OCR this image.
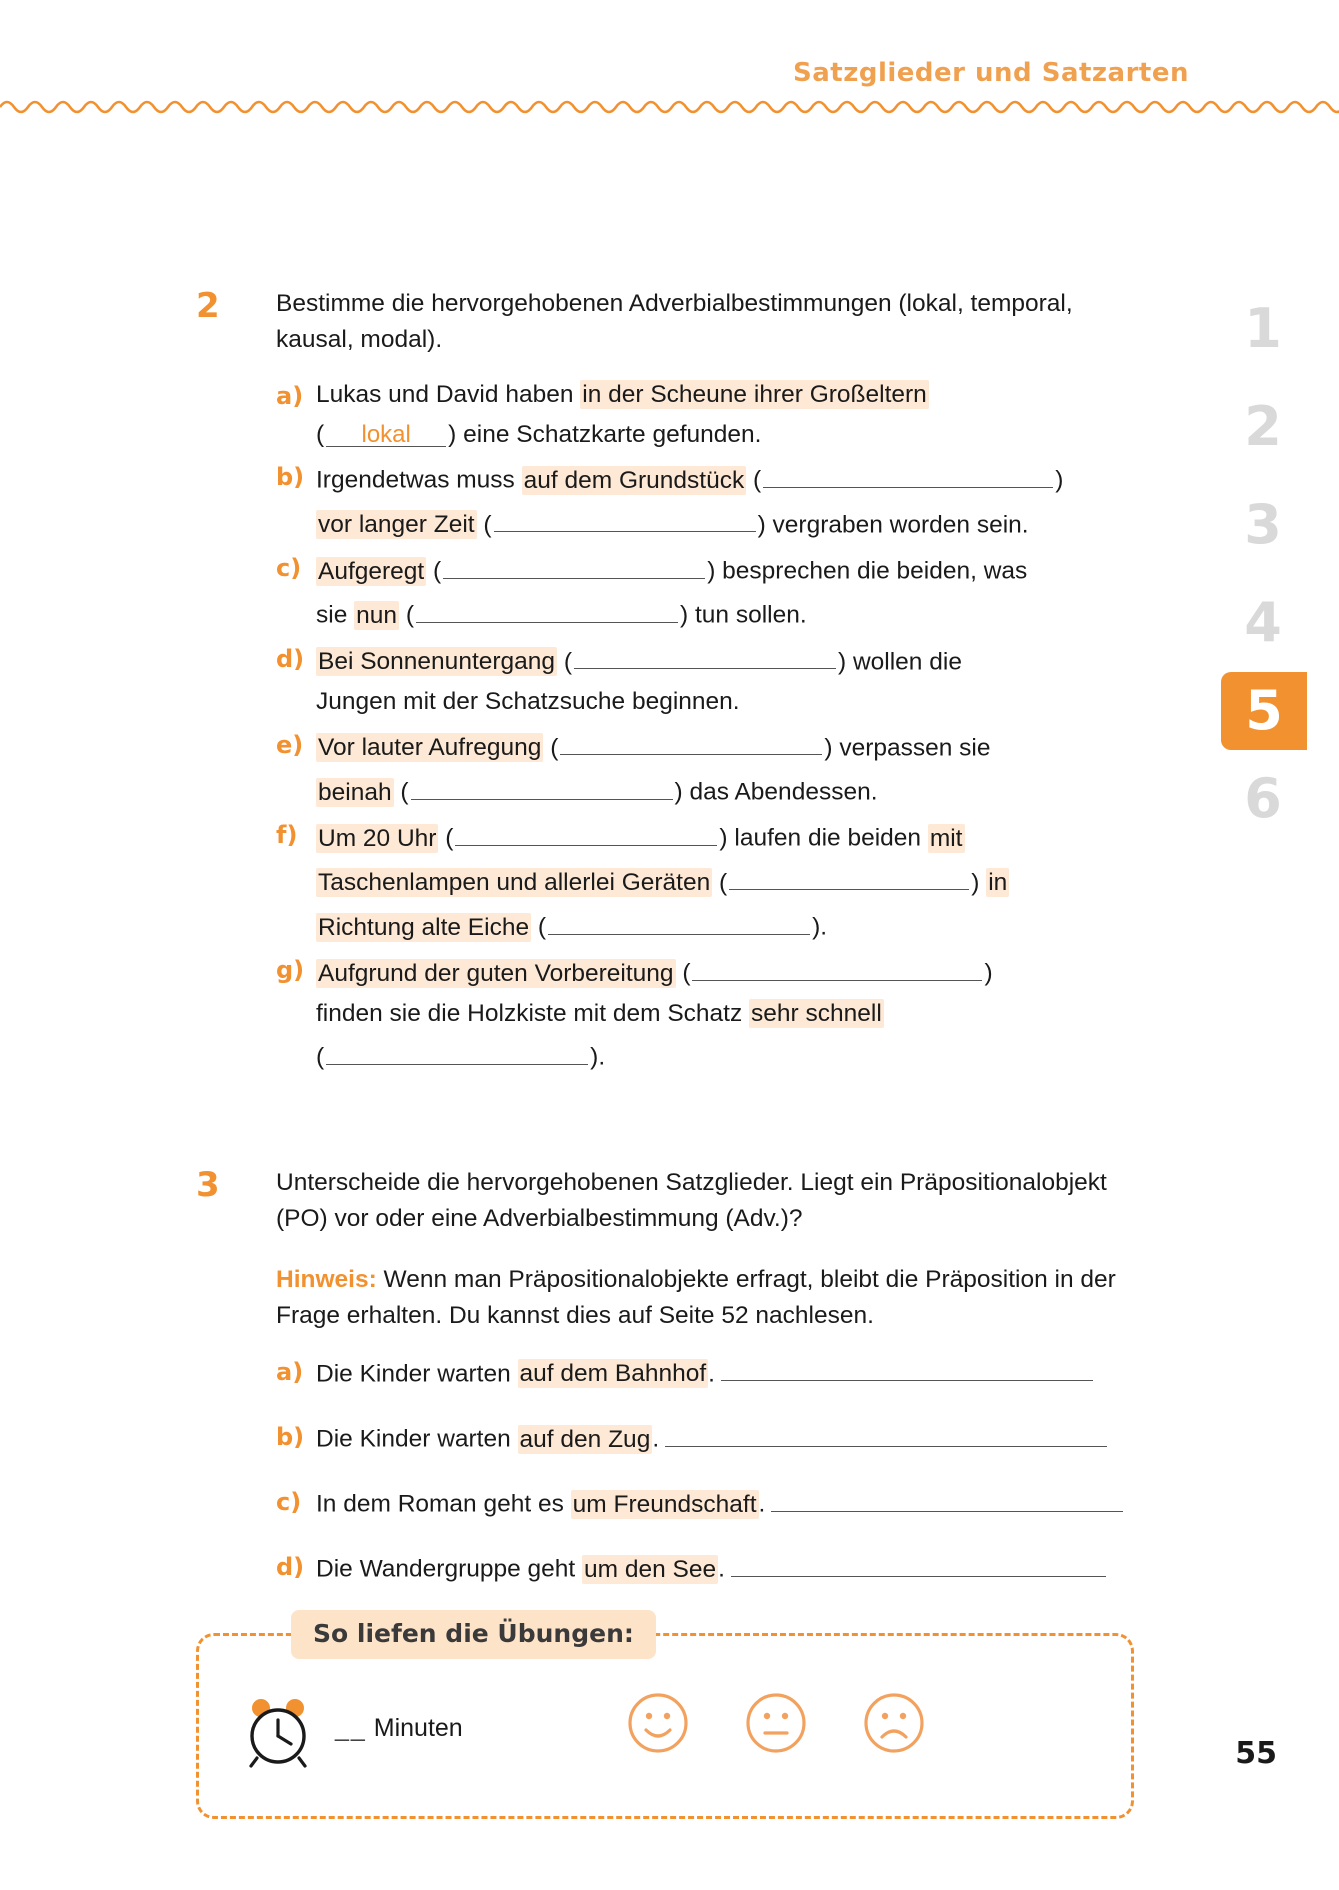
Satzglieder und Satzarten
1
2
3
4
5
6
2	Bestimme die hervorgehobenen Adverbialbestimmungen (lokal, temporal, kausal, modal).
a) Lukas und David haben in der Scheune ihrer Großeltern
( lokal ) eine Schatzkarte gefunden.
b) Irgendetwas muss auf dem Grundstück (	)
vor langer Zeit (	) vergraben worden sein.
c) Aufgeregt (	) besprechen die beiden, was
sie nun (	) tun sollen.
d) Bei Sonnenuntergang (	) wollen die
Jungen mit der Schatzsuche beginnen.
e) Vor lauter Aufregung (	) verpassen sie
beinah (	) das Abendessen.
f) Um 20 Uhr (	) laufen die beiden mit
Taschenlampen und allerlei Geräten (	) in
Richtung alte Eiche (	).
g) Aufgrund der guten Vorbereitung (	)
finden sie die Holzkiste mit dem Schatz sehr schnell
(	).
3	Unterscheide die hervorgehobenen Satzglieder. Liegt ein Präpositionalobjekt (PO) vor oder eine Adverbialbestimmung (Adv.)?
Hinweis: Wenn man Präpositionalobjekte erfragt, bleibt die Präposition in der Frage erhalten. Du kannst dies auf Seite 52 nachlesen.
a) Die Kinder warten auf dem Bahnhof.
b) Die Kinder warten auf den Zug.
c) In dem Roman geht es um Freundschaft.
d) Die Wandergruppe geht um den See.
So liefen die Übungen:
__ Minuten
55
